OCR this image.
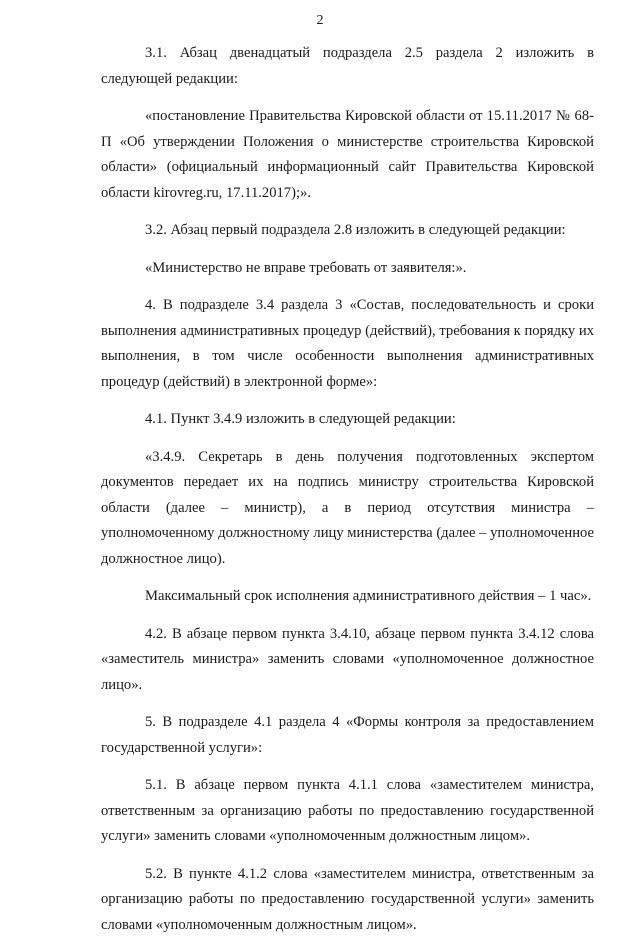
2

3.1. Абзац двенадцатый подраздела 2.5 раздела 2 изложить в следующей редакции:

«постановление Правительства Кировской области от 15.11.2017 № 68-П «Об утверждении Положения о министерстве строительства Кировской области» (официальный информационный сайт Правительства Кировской области kirovreg.ru, 17.11.2017);».

3.2. Абзац первый подраздела 2.8 изложить в следующей редакции:

«Министерство не вправе требовать от заявителя:».

4. В подразделе 3.4 раздела 3 «Состав, последовательность и сроки выполнения административных процедур (действий), требования к порядку их выполнения, в том числе особенности выполнения административных процедур (действий) в электронной форме»:

4.1. Пункт 3.4.9 изложить в следующей редакции:

«3.4.9. Секретарь в день получения подготовленных экспертом документов передает их на подпись министру строительства Кировской области (далее – министр), а в период отсутствия министра – уполномоченному должностному лицу министерства (далее – уполномоченное должностное лицо).

Максимальный срок исполнения административного действия – 1 час».

4.2. В абзаце первом пункта 3.4.10, абзаце первом пункта 3.4.12 слова «заместитель министра» заменить словами «уполномоченное должностное лицо».

5. В подразделе 4.1 раздела 4 «Формы контроля за предоставлением государственной услуги»:

5.1. В абзаце первом пункта 4.1.1 слова «заместителем министра, ответственным за организацию работы по предоставлению государственной услуги» заменить словами «уполномоченным должностным лицом».

5.2. В пункте 4.1.2 слова «заместителем министра, ответственным за организацию работы по предоставлению государственной услуги» заменить словами «уполномоченным должностным лицом».
